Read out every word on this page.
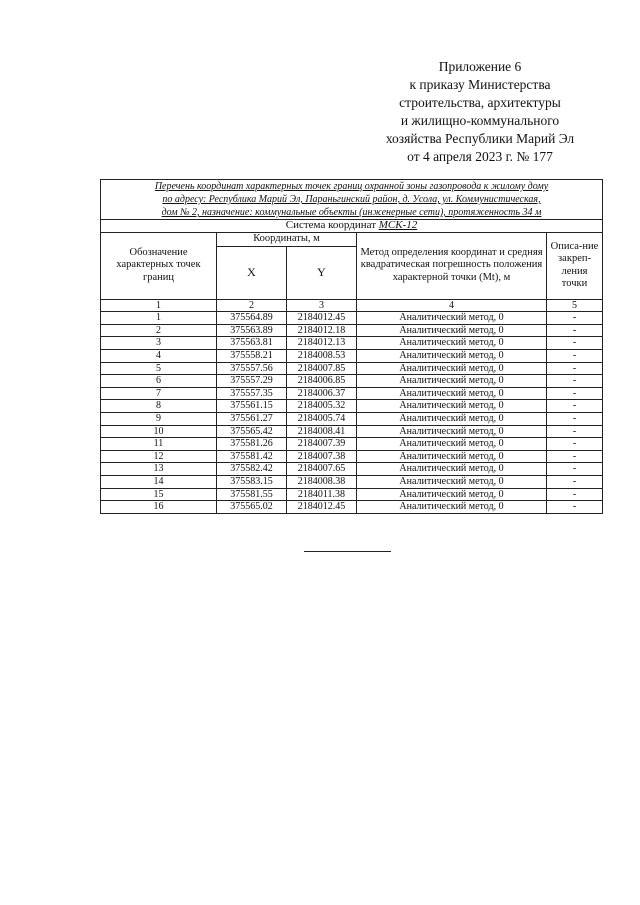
Приложение 6
к приказу Министерства
строительства, архитектуры
и жилищно-коммунального
хозяйства Республики Марий Эл
от 4 апреля 2023 г. № 177
Перечень координат характерных точек границ охранной зоны газопровода к жилому дому
по адресу: Республика Марий Эл, Параньгинский район, д. Усола, ул. Коммунистическая,
дом № 2, назначение: коммунальные объекты (инженерные сети), протяженность 34 м				

Система координат МСК-12				
Обозначение характерных точек границ	Координаты, м		Метод определения координат и средняя квадратическая погрешность положения характерной точки (Mt), м	Описа-ние закреп-ления точки
	X	Y		
1	2	3	4	5
1	375564.89	2184012.45	Аналитический метод, 0	-
2	375563.89	2184012.18	Аналитический метод, 0	-
3	375563.81	2184012.13	Аналитический метод, 0	-
4	375558.21	2184008.53	Аналитический метод, 0	-
5	375557.56	2184007.85	Аналитический метод, 0	-
6	375557.29	2184006.85	Аналитический метод, 0	-
7	375557.35	2184006.37	Аналитический метод, 0	-
8	375561.15	2184005.32	Аналитический метод, 0	-
9	375561.27	2184005.74	Аналитический метод, 0	-
10	375565.42	2184008.41	Аналитический метод, 0	-
11	375581.26	2184007.39	Аналитический метод, 0	-
12	375581.42	2184007.38	Аналитический метод, 0	-
13	375582.42	2184007.65	Аналитический метод, 0	-
14	375583.15	2184008.38	Аналитический метод, 0	-
15	375581.55	2184011.38	Аналитический метод, 0	-
16	375565.02	2184012.45	Аналитический метод, 0	-
